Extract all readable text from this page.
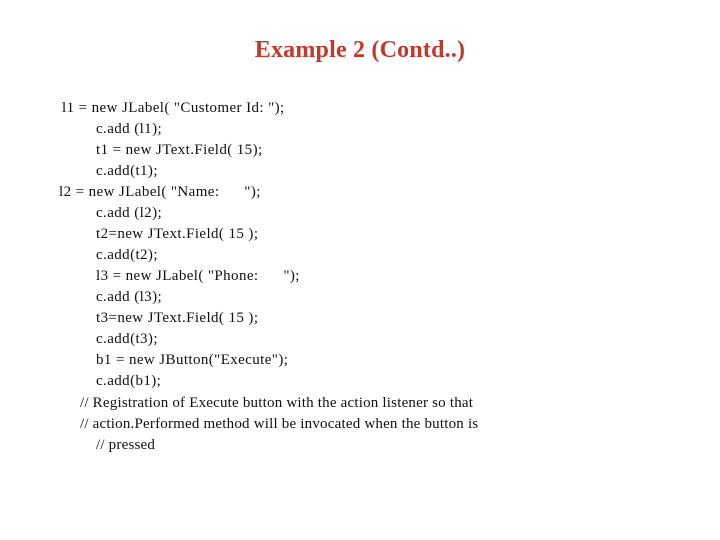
Example 2 (Contd..)
l1 = new JLabel( "Customer Id: ");
c.add (l1);
t1 = new JText.Field( 15);
c.add(t1);
l2 = new JLabel( "Name:      ");
c.add (l2);
t2=new JText.Field( 15 );
c.add(t2);
l3 = new JLabel( "Phone:      ");
c.add (l3);
t3=new JText.Field( 15 );
c.add(t3);
b1 = new JButton("Execute");
c.add(b1);
// Registration of Execute button with the action listener so that
// action.Performed method will be invocated when the button is
// pressed
